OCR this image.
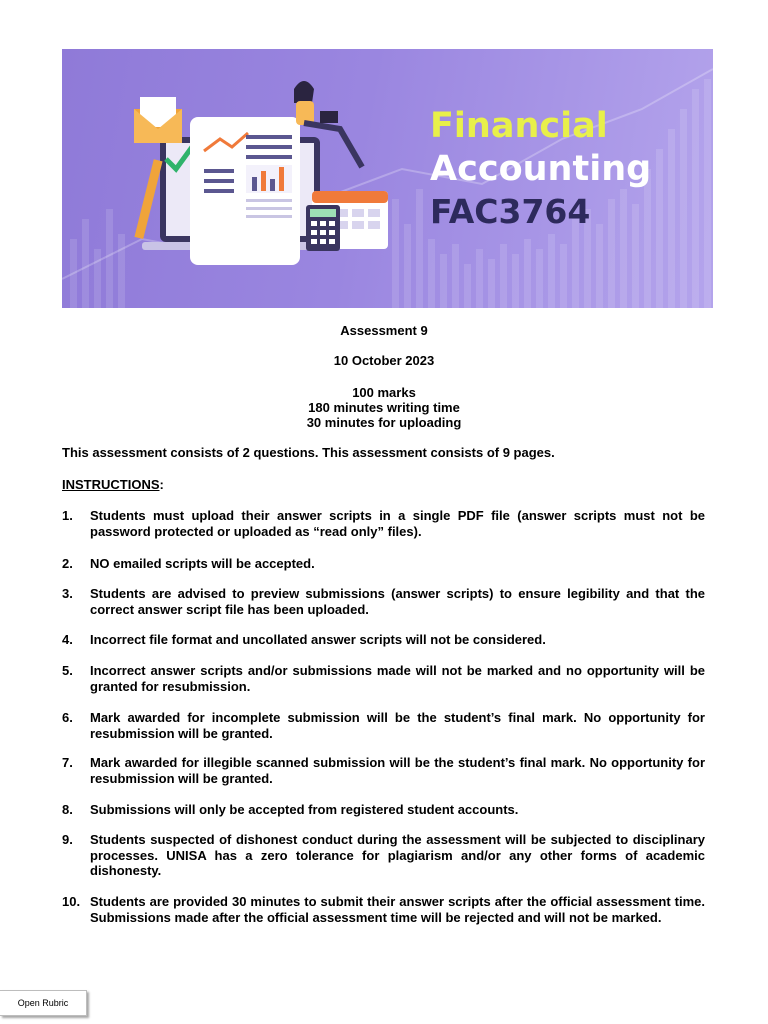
Financial
Accounting
FAC3764
Assessment 9
10 October 2023
100 marks
180 minutes writing time
30 minutes for uploading
This assessment consists of 2 questions. This assessment consists of 9 pages.
INSTRUCTIONS:
1. Students must upload their answer scripts in a single PDF file (answer scripts must not be password protected or uploaded as “read only” files).
2. NO emailed scripts will be accepted.
3. Students are advised to preview submissions (answer scripts) to ensure legibility and that the correct answer script file has been uploaded.
4. Incorrect file format and uncollated answer scripts will not be considered.
5. Incorrect answer scripts and/or submissions made will not be marked and no opportunity will be granted for resubmission.
6. Mark awarded for incomplete submission will be the student’s final mark. No opportunity for resubmission will be granted.
7. Mark awarded for illegible scanned submission will be the student’s final mark. No opportunity for resubmission will be granted.
8. Submissions will only be accepted from registered student accounts.
9. Students suspected of dishonest conduct during the assessment will be subjected to disciplinary processes. UNISA has a zero tolerance for plagiarism and/or any other forms of academic dishonesty.
10. Students are provided 30 minutes to submit their answer scripts after the official assessment time. Submissions made after the official assessment time will be rejected and will not be marked.
Open Rubric
